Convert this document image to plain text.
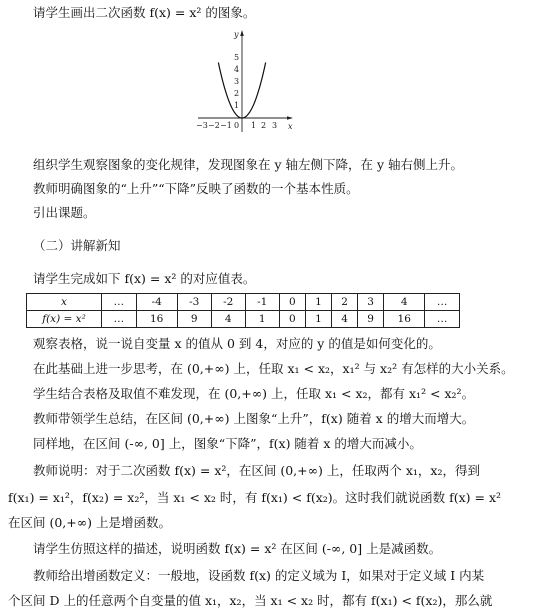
请学生画出二次函数 f(x) = x² 的图象。
y
x
5
4
3
2
1
−3 −2 −1 0 1 2 3
组织学生观察图象的变化规律，发现图象在 y 轴左侧下降，在 y 轴右侧上升。
教师明确图象的“上升”“下降”反映了函数的一个基本性质。
引出课题。
（二）讲解新知
请学生完成如下 f(x) = x² 的对应值表。
x	…	-4	-3	-2	-1	0	1	2	3	4	…
f(x) = x²	…	16	9	4	1	0	1	4	9	16	…
观察表格，说一说自变量 x 的值从 0 到 4，对应的 y 的值是如何变化的。
在此基础上进一步思考，在 (0,+∞) 上，任取 x₁ < x₂，x₁² 与 x₂² 有怎样的大小关系。
学生结合表格及取值不难发现，在 (0,+∞) 上，任取 x₁ < x₂，都有 x₁² < x₂²。
教师带领学生总结，在区间 (0,+∞) 上图象“上升”，f(x) 随着 x 的增大而增大。
同样地，在区间 (-∞, 0] 上，图象“下降”，f(x) 随着 x 的增大而减小。
教师说明：对于二次函数 f(x) = x²，在区间 (0,+∞) 上，任取两个 x₁，x₂，得到
f(x₁) = x₁²，f(x₂) = x₂²，当 x₁ < x₂ 时，有 f(x₁) < f(x₂)。这时我们就说函数 f(x) = x²
在区间 (0,+∞) 上是增函数。
请学生仿照这样的描述，说明函数 f(x) = x² 在区间 (-∞, 0] 上是减函数。
教师给出增函数定义：一般地，设函数 f(x) 的定义域为 I，如果对于定义域 I 内某
个区间 D 上的任意两个自变量的值 x₁，x₂，当 x₁ < x₂ 时，都有 f(x₁) < f(x₂)，那么就
